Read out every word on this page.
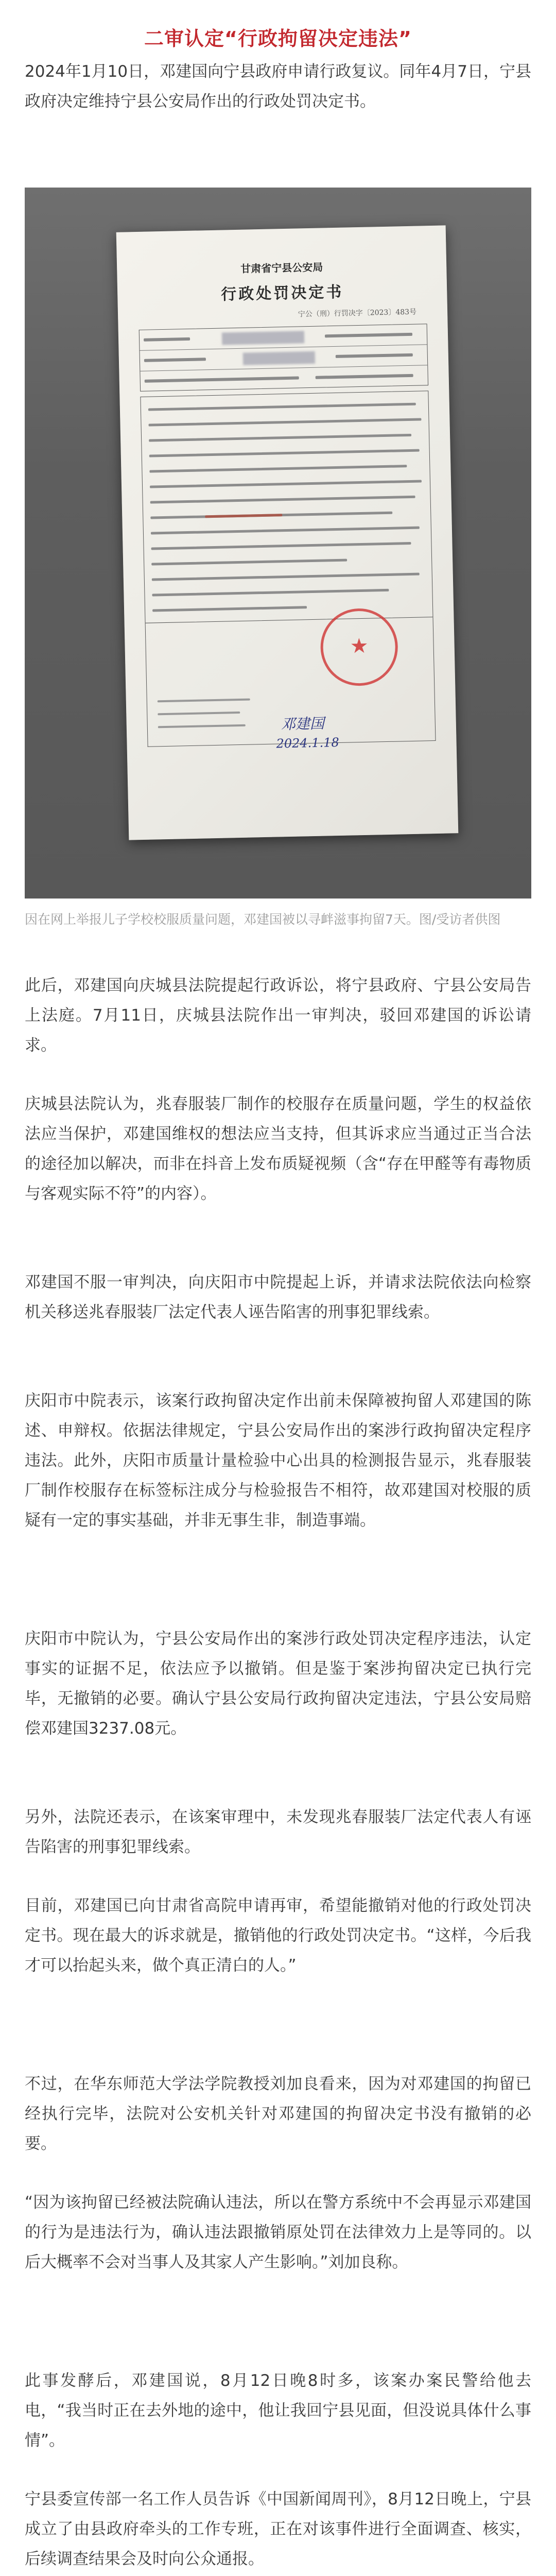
二审认定“行政拘留决定违法”

2024年1月10日，邓建国向宁县政府申请行政复议。同年4月7日，宁县政府决定维持宁县公安局作出的行政处罚决定书。

甘肃省宁县公安局
行政处罚决定书
宁公（刑）行罚决字〔2023〕483号
★
邓建国
2024.1.18

因在网上举报儿子学校校服质量问题，邓建国被以寻衅滋事拘留7天。图/受访者供图

此后，邓建国向庆城县法院提起行政诉讼，将宁县政府、宁县公安局告上法庭。7月11日，庆城县法院作出一审判决，驳回邓建国的诉讼请求。

庆城县法院认为，兆春服装厂制作的校服存在质量问题，学生的权益依法应当保护，邓建国维权的想法应当支持，但其诉求应当通过正当合法的途径加以解决，而非在抖音上发布质疑视频（含“存在甲醛等有毒物质与客观实际不符”的内容）。

邓建国不服一审判决，向庆阳市中院提起上诉，并请求法院依法向检察机关移送兆春服装厂法定代表人诬告陷害的刑事犯罪线索。

庆阳市中院表示，该案行政拘留决定作出前未保障被拘留人邓建国的陈述、申辩权。依据法律规定，宁县公安局作出的案涉行政拘留决定程序违法。此外，庆阳市质量计量检验中心出具的检测报告显示，兆春服装厂制作校服存在标签标注成分与检验报告不相符，故邓建国对校服的质疑有一定的事实基础，并非无事生非，制造事端。

庆阳市中院认为，宁县公安局作出的案涉行政处罚决定程序违法，认定事实的证据不足，依法应予以撤销。但是鉴于案涉拘留决定已执行完毕，无撤销的必要。确认宁县公安局行政拘留决定违法，宁县公安局赔偿邓建国3237.08元。

另外，法院还表示，在该案审理中，未发现兆春服装厂法定代表人有诬告陷害的刑事犯罪线索。

目前，邓建国已向甘肃省高院申请再审，希望能撤销对他的行政处罚决定书。现在最大的诉求就是，撤销他的行政处罚决定书。“这样，今后我才可以抬起头来，做个真正清白的人。”

不过，在华东师范大学法学院教授刘加良看来，因为对邓建国的拘留已经执行完毕，法院对公安机关针对邓建国的拘留决定书没有撤销的必要。

“因为该拘留已经被法院确认违法，所以在警方系统中不会再显示邓建国的行为是违法行为，确认违法跟撤销原处罚在法律效力上是等同的。以后大概率不会对当事人及其家人产生影响。”刘加良称。

此事发酵后，邓建国说，8月12日晚8时多，该案办案民警给他去电，“我当时正在去外地的途中，他让我回宁县见面，但没说具体什么事情”。

宁县委宣传部一名工作人员告诉《中国新闻周刊》，8月12日晚上，宁县成立了由县政府牵头的工作专班，正在对该事件进行全面调查、核实，后续调查结果会及时向公众通报。
